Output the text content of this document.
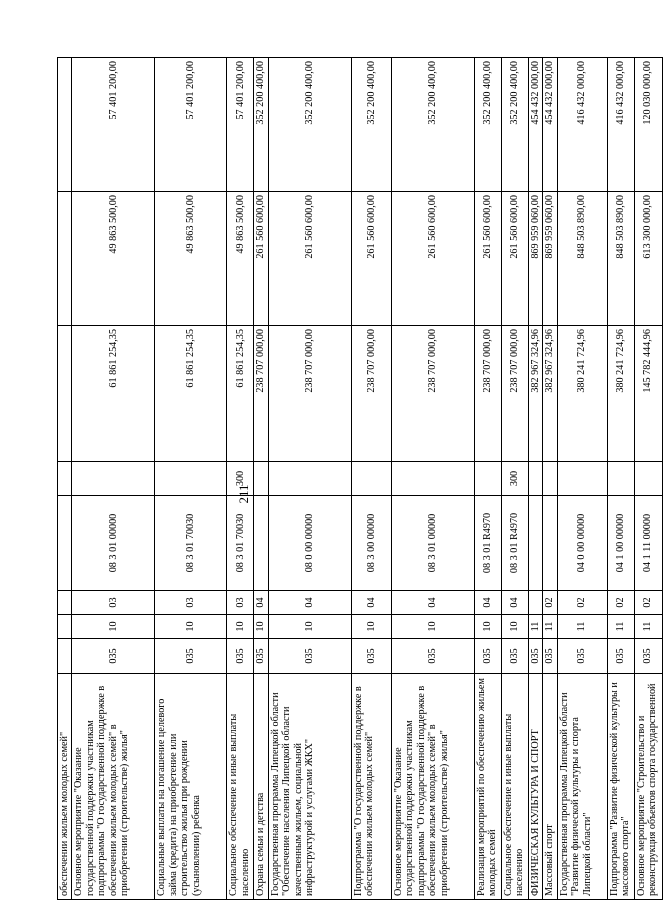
211
обеспечении жильем молодых семей"								
Основное мероприятие "Оказание государственной поддержки участникам подпрограммы "О государственной поддержке в обеспечении жильем молодых семей" в приобретении (строительстве) жилья"	035	10	03	08 3 01 00000		61 861 254,35	49 863 500,00	57 401 200,00
Социальные выплаты на погашение целевого займа (кредита) на приобретение или строительство жилья при рождении (усыновлении) ребенка	035	10	03	08 3 01 70030		61 861 254,35	49 863 500,00	57 401 200,00
Социальное обеспечение и иные выплаты населению	035	10	03	08 3 01 70030	300	61 861 254,35	49 863 500,00	57 401 200,00
Охрана семьи и детства	035	10	04			238 707 000,00	261 560 600,00	352 200 400,00
Государственная программа Липецкой области "Обеспечение населения Липецкой области качественным жильем, социальной инфраструктурой и услугами ЖКХ"	035	10	04	08 0 00 00000		238 707 000,00	261 560 600,00	352 200 400,00
Подпрограмма "О государственной поддержке в обеспечении жильем молодых семей"	035	10	04	08 3 00 00000		238 707 000,00	261 560 600,00	352 200 400,00
Основное мероприятие "Оказание государственной поддержки участникам подпрограммы "О государственной поддержке в обеспечении жильем молодых семей" в приобретении (строительстве) жилья"	035	10	04	08 3 01 00000		238 707 000,00	261 560 600,00	352 200 400,00
Реализация мероприятий по обеспечению жильем молодых семей	035	10	04	08 3 01 R4970		238 707 000,00	261 560 600,00	352 200 400,00
Социальное обеспечение и иные выплаты населению	035	10	04	08 3 01 R4970	300	238 707 000,00	261 560 600,00	352 200 400,00
ФИЗИЧЕСКАЯ КУЛЬТУРА И СПОРТ	035	11				382 967 324,96	869 959 060,00	454 432 000,00
Массовый спорт	035	11	02			382 967 324,96	869 959 060,00	454 432 000,00
Государственная программа Липецкой области "Развитие физической культуры и спорта Липецкой области"	035	11	02	04 0 00 00000		380 241 724,96	848 503 890,00	416 432 000,00
Подпрограмма "Развитие физической культуры и массового спорта"	035	11	02	04 1 00 00000		380 241 724,96	848 503 890,00	416 432 000,00
Основное мероприятие "Строительство и реконструкция объектов спорта государственной	035	11	02	04 1 11 00000		145 782 444,96	613 300 000,00	120 030 000,00
